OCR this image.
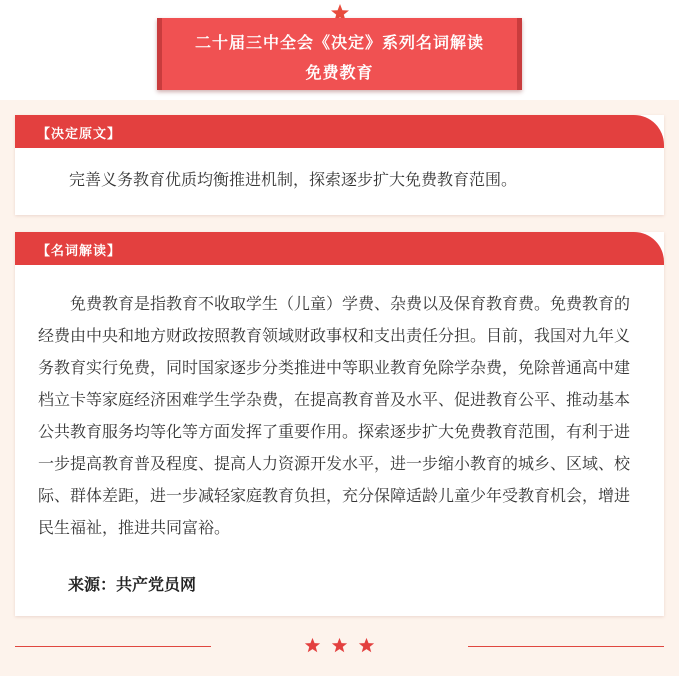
二十届三中全会《决定》系列名词解读
免费教育
【决定原文】

完善义务教育优质均衡推进机制，探索逐步扩大免费教育范围。

【名词解读】

免费教育是指教育不收取学生（儿童）学费、杂费以及保育教育费。免费教育的经费由中央和地方财政按照教育领域财政事权和支出责任分担。目前，我国对九年义务教育实行免费，同时国家逐步分类推进中等职业教育免除学杂费，免除普通高中建档立卡等家庭经济困难学生学杂费，在提高教育普及水平、促进教育公平、推动基本公共教育服务均等化等方面发挥了重要作用。探索逐步扩大免费教育范围，有利于进一步提高教育普及程度、提高人力资源开发水平，进一步缩小教育的城乡、区域、校际、群体差距，进一步减轻家庭教育负担，充分保障适龄儿童少年受教育机会，增进民生福祉，推进共同富裕。

来源：共产党员网
